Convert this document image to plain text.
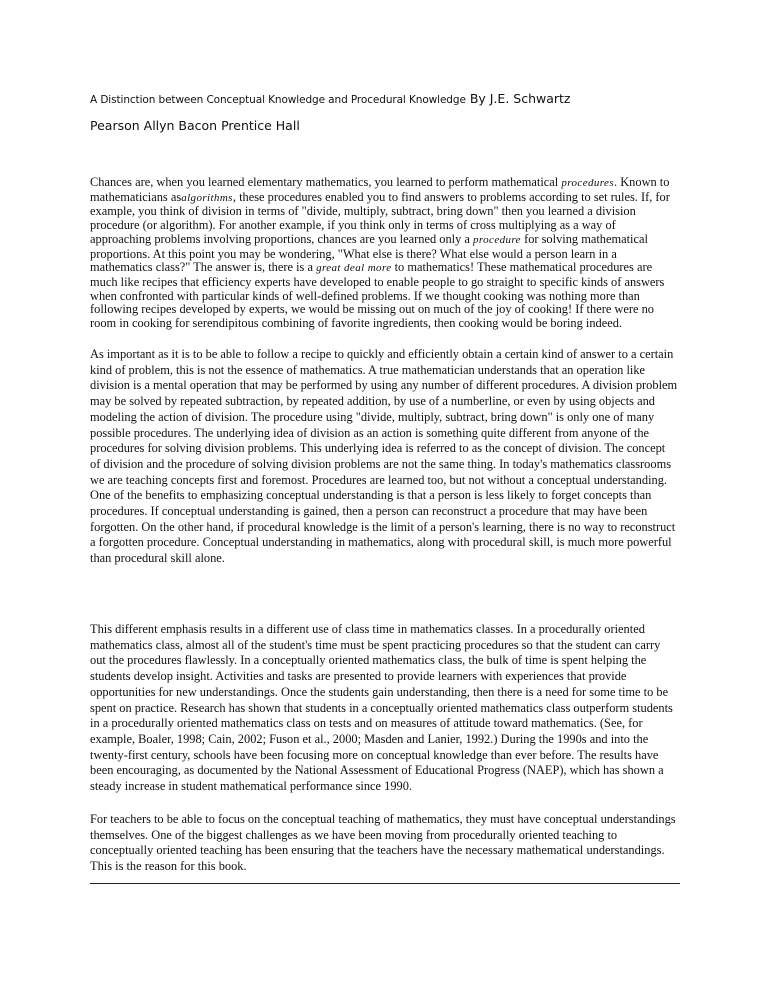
A Distinction between Conceptual Knowledge and Procedural Knowledge By J.E. Schwartz
Pearson Allyn Bacon Prentice Hall

Chances are, when you learned elementary mathematics, you learned to perform mathematical procedures. Known to mathematicians asalgorithms, these procedures enabled you to find answers to problems according to set rules. If, for example, you think of division in terms of "divide, multiply, subtract, bring down" then you learned a division procedure (or algorithm). For another example, if you think only in terms of cross multiplying as a way of approaching problems involving proportions, chances are you learned only a procedure for solving mathematical proportions. At this point you may be wondering, "What else is there? What else would a person learn in a mathematics class?" The answer is, there is a great deal more to mathematics! These mathematical procedures are much like recipes that efficiency experts have developed to enable people to go straight to specific kinds of answers when confronted with particular kinds of well-defined problems. If we thought cooking was nothing more than following recipes developed by experts, we would be missing out on much of the joy of cooking! If there were no room in cooking for serendipitous combining of favorite ingredients, then cooking would be boring indeed.

As important as it is to be able to follow a recipe to quickly and efficiently obtain a certain kind of answer to a certain kind of problem, this is not the essence of mathematics. A true mathematician understands that an operation like division is a mental operation that may be performed by using any number of different procedures. A division problem may be solved by repeated subtraction, by repeated addition, by use of a numberline, or even by using objects and modeling the action of division. The procedure using "divide, multiply, subtract, bring down" is only one of many possible procedures. The underlying idea of division as an action is something quite different from anyone of the procedures for solving division problems. This underlying idea is referred to as the concept of division. The concept of division and the procedure of solving division problems are not the same thing. In today's mathematics classrooms we are teaching concepts first and foremost. Procedures are learned too, but not without a conceptual understanding. One of the benefits to emphasizing conceptual understanding is that a person is less likely to forget concepts than procedures. If conceptual understanding is gained, then a person can reconstruct a procedure that may have been forgotten. On the other hand, if procedural knowledge is the limit of a person's learning, there is no way to reconstruct a forgotten procedure. Conceptual understanding in mathematics, along with procedural skill, is much more powerful than procedural skill alone.

This different emphasis results in a different use of class time in mathematics classes. In a procedurally oriented mathematics class, almost all of the student's time must be spent practicing procedures so that the student can carry out the procedures flawlessly. In a conceptually oriented mathematics class, the bulk of time is spent helping the students develop insight. Activities and tasks are presented to provide learners with experiences that provide opportunities for new understandings. Once the students gain understanding, then there is a need for some time to be spent on practice. Research has shown that students in a conceptually oriented mathematics class outperform students in a procedurally oriented mathematics class on tests and on measures of attitude toward mathematics. (See, for example, Boaler, 1998; Cain, 2002; Fuson et al., 2000; Masden and Lanier, 1992.) During the 1990s and into the twenty-first century, schools have been focusing more on conceptual knowledge than ever before. The results have been encouraging, as documented by the National Assessment of Educational Progress (NAEP), which has shown a steady increase in student mathematical performance since 1990.

For teachers to be able to focus on the conceptual teaching of mathematics, they must have conceptual understandings themselves. One of the biggest challenges as we have been moving from procedurally oriented teaching to conceptually oriented teaching has been ensuring that the teachers have the necessary mathematical understandings. This is the reason for this book.
